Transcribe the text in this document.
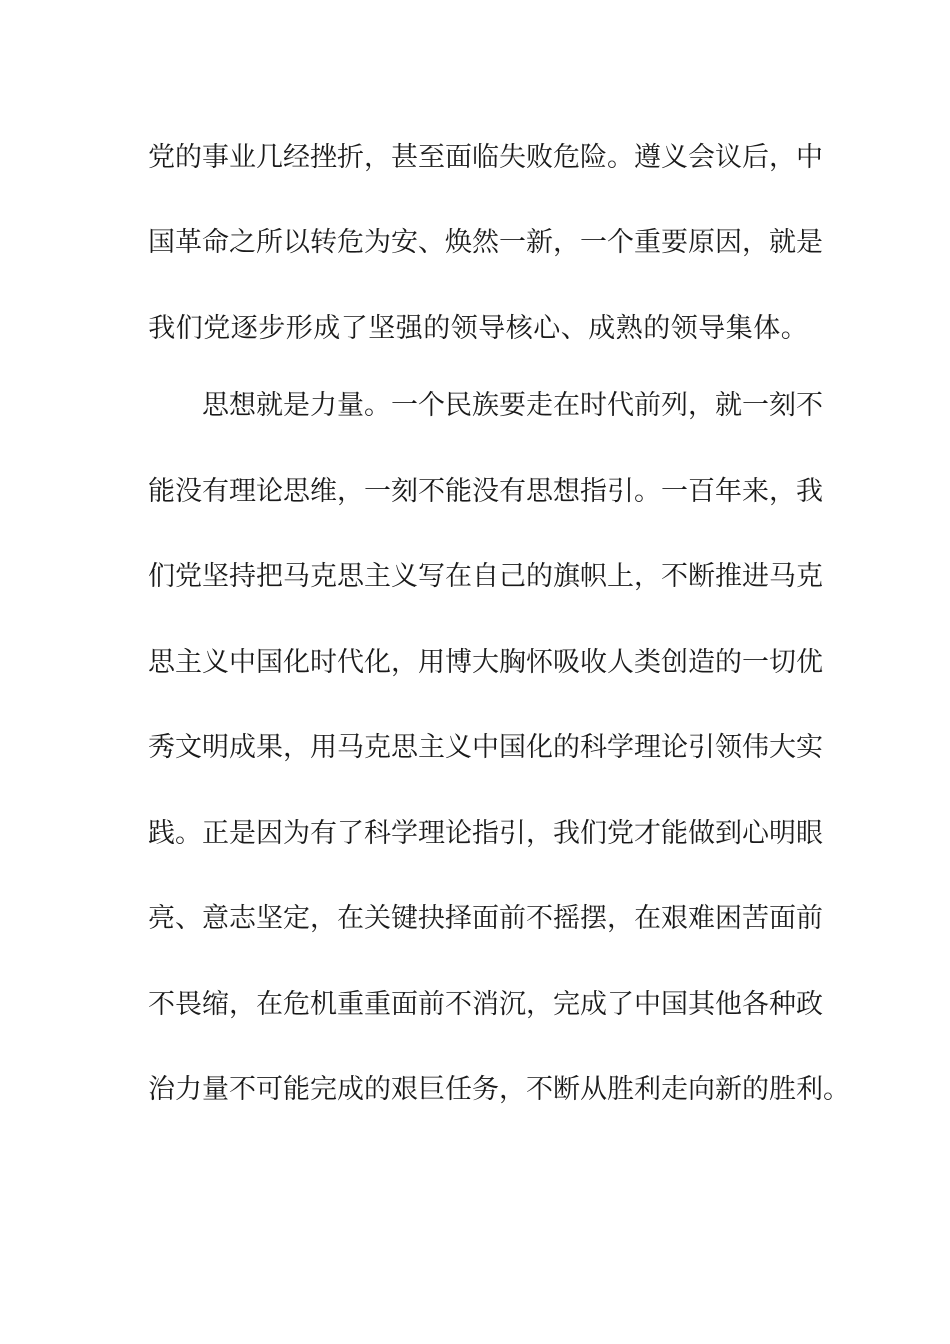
党 的 事 业 几 经 挫 折 ， 甚 至 面 临 失 败 危 险 。 遵 义 会 议 后 ， 中
国 革 命 之 所 以 转 危 为 安 、 焕 然 一 新 ， 一 个 重 要 原 因 ， 就 是
我 们 党 逐 步 形 成 了 坚 强 的 领 导 核 心 、 成 熟 的 领 导 集 体 。
思 想 就 是 力 量 。 一 个 民 族 要 走 在 时 代 前 列 ， 就 一 刻 不
能 没 有 理 论 思 维 ， 一 刻 不 能 没 有 思 想 指 引 。 一 百 年 来 ， 我
们 党 坚 持 把 马 克 思 主 义 写 在 自 己 的 旗 帜 上 ， 不 断 推 进 马 克
思 主 义 中 国 化 时 代 化 ， 用 博 大 胸 怀 吸 收 人 类 创 造 的 一 切 优
秀 文 明 成 果 ， 用 马 克 思 主 义 中 国 化 的 科 学 理 论 引 领 伟 大 实
践 。 正 是 因 为 有 了 科 学 理 论 指 引 ， 我 们 党 才 能 做 到 心 明 眼
亮 、 意 志 坚 定 ， 在 关 键 抉 择 面 前 不 摇 摆 ， 在 艰 难 困 苦 面 前
不 畏 缩 ， 在 危 机 重 重 面 前 不 消 沉 ， 完 成 了 中 国 其 他 各 种 政
治 力 量 不 可 能 完 成 的 艰 巨 任 务 ， 不 断 从 胜 利 走 向 新 的 胜 利 。
